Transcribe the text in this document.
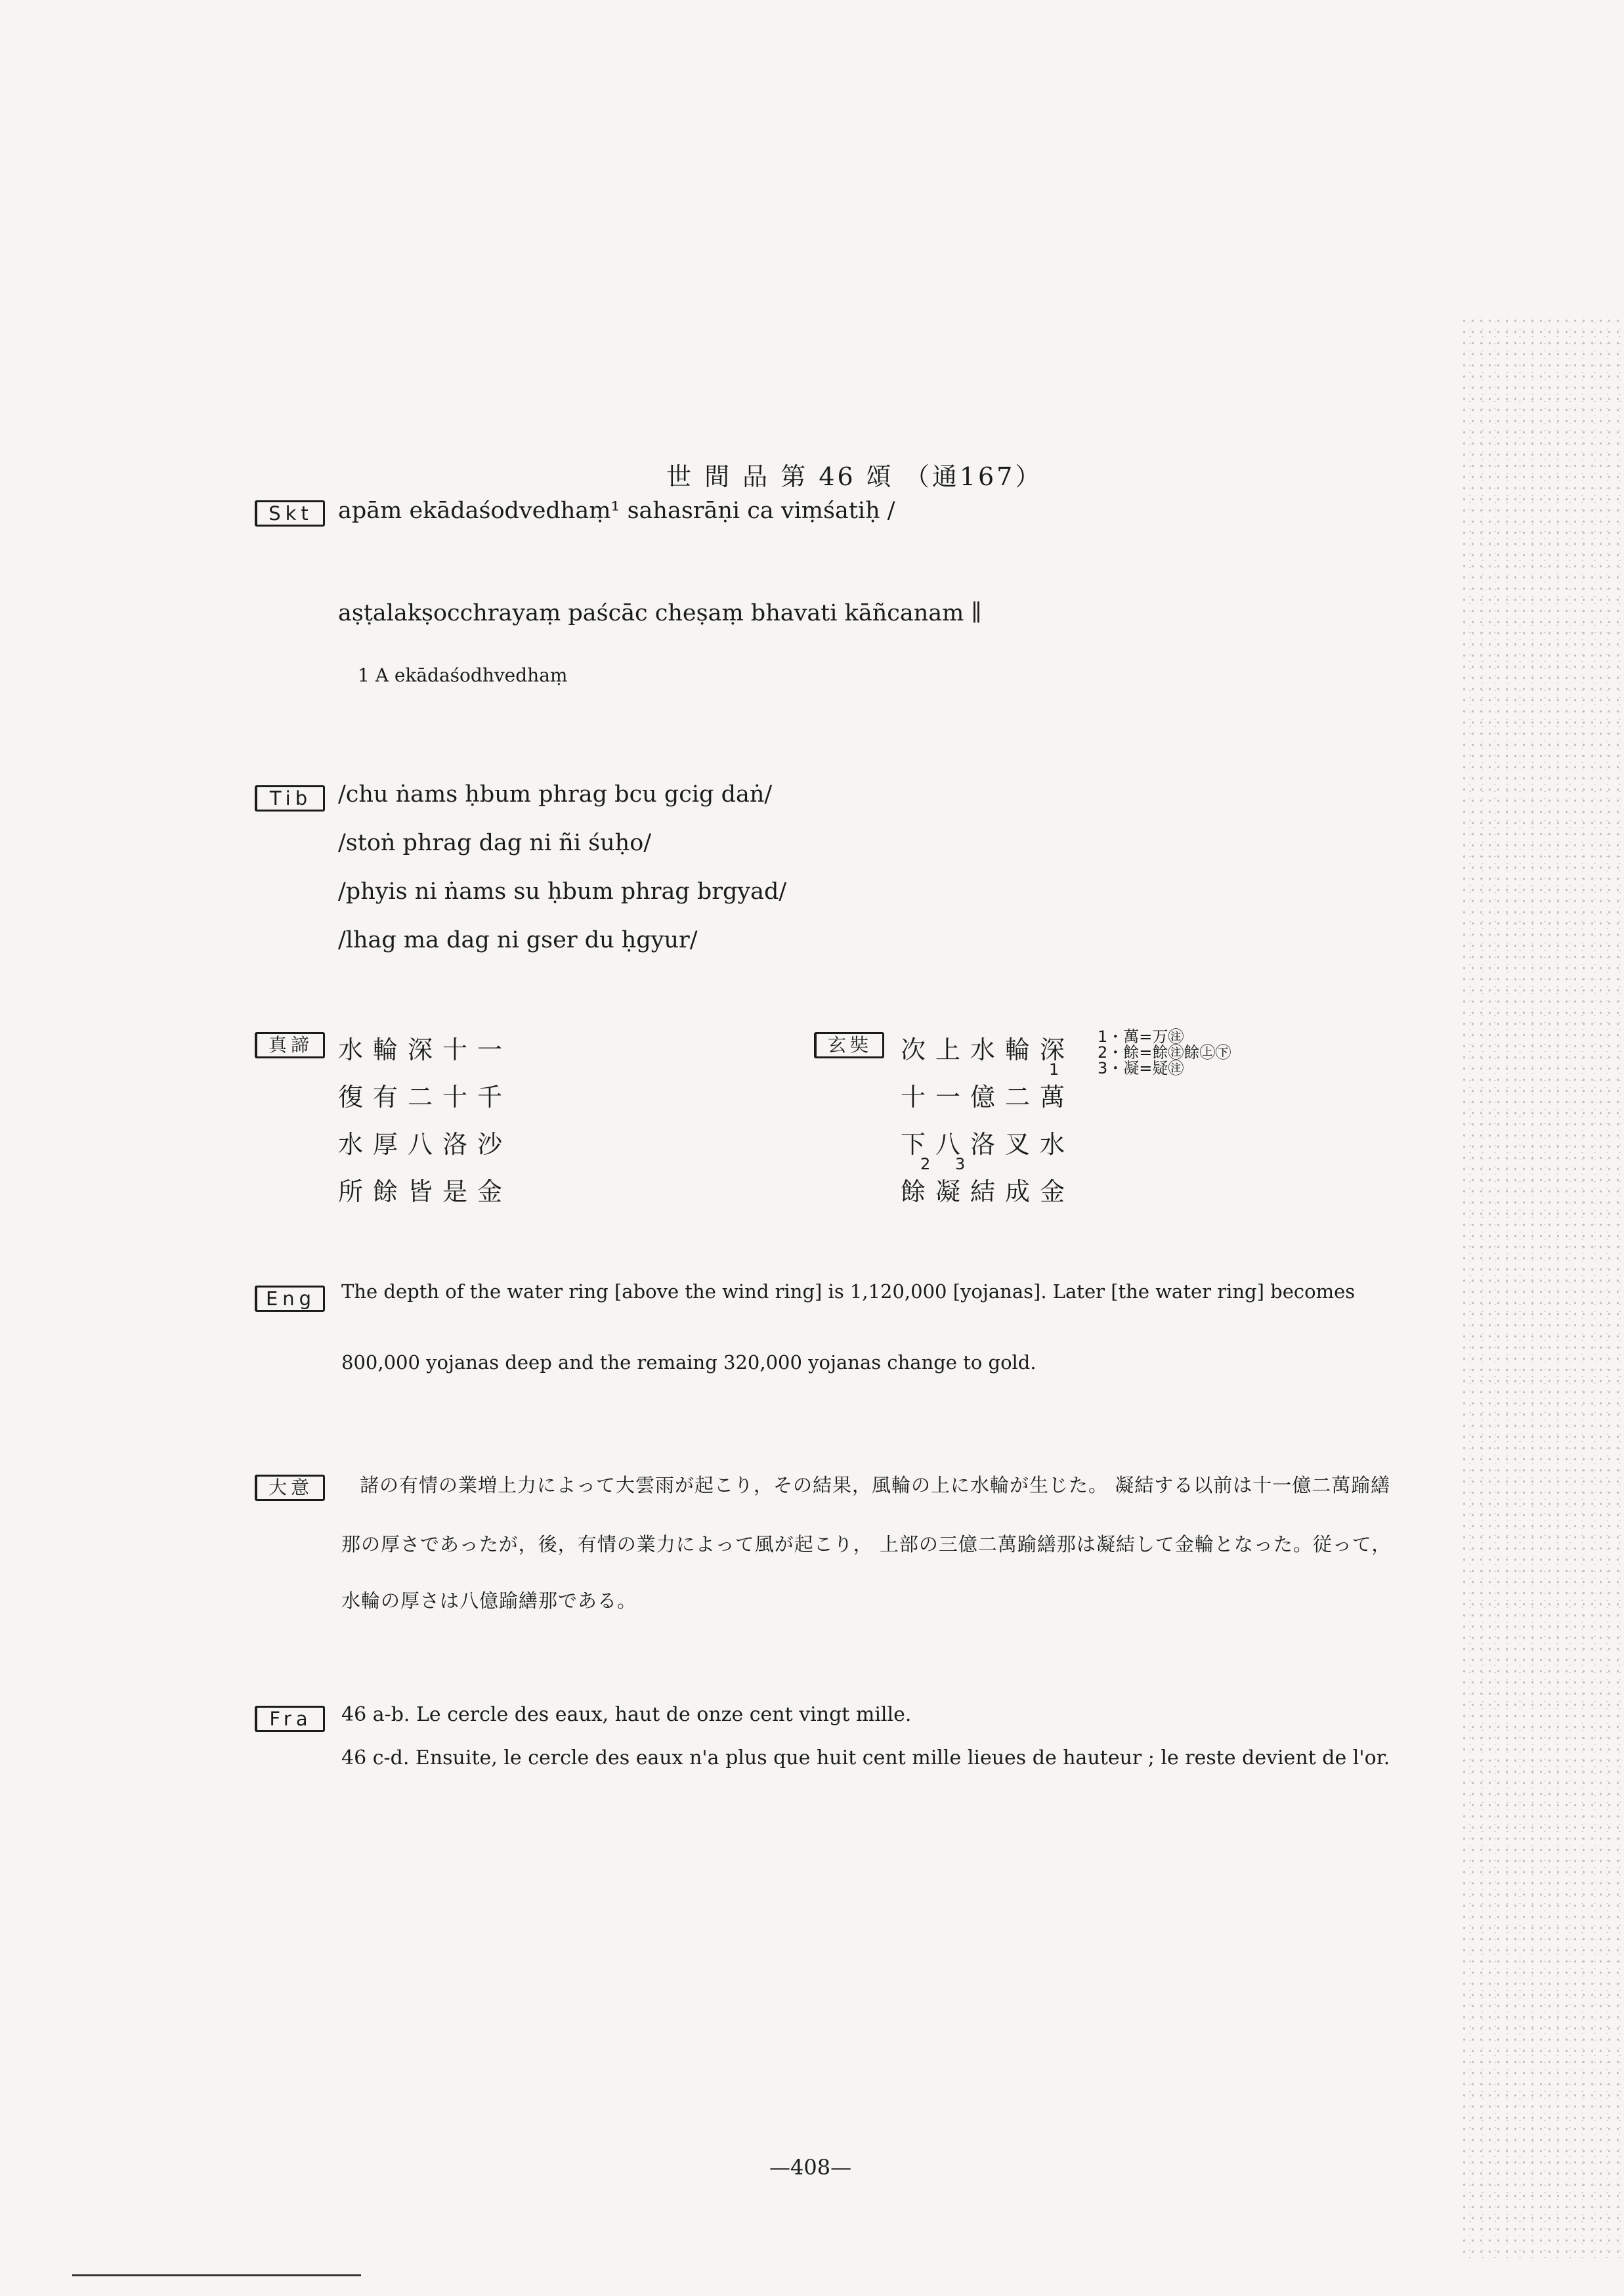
世 間 品 第 46 頌 （通167）
Skt	apām ekādaśodvedhaṃ¹ sahasrāṇi ca viṃśatiḥ /
aṣṭalakṣocchrayaṃ paścāc cheṣaṃ bhavati kāñcanam ∥
1 A ekādaśodhvedhaṃ
Tib	/chu ṅams ḥbum phrag bcu gcig daṅ/
/stoṅ phrag dag ni ñi śuḥo/
/phyis ni ṅams su ḥbum phrag brgyad/
/lhag ma dag ni gser du ḥgyur/
真諦	水輪深十一
復有二十千
水厚八洛沙
所餘皆是金
玄奘	次上水輪深
十一億二萬
下八洛叉水
餘凝結成金
1
2 3
1・萬=万㊟
2・餘=餘㊟餘㊤㊦
3・凝=疑㊟
Eng	The depth of the water ring [above the wind ring] is 1,120,000 [yojanas]. Later [the water ring] becomes
800,000 yojanas deep and the remaing 320,000 yojanas change to gold.
大意	諸の有情の業増上力によって大雲雨が起こり，その結果，風輪の上に水輪が生じた。 凝結する以前は十一億二萬踰繕
那の厚さであったが，後，有情の業力によって風が起こり， 上部の三億二萬踰繕那は凝結して金輪となった。従って，
水輪の厚さは八億踰繕那である。
Fra	46 a-b. Le cercle des eaux, haut de onze cent vingt mille.
46 c-d. Ensuite, le cercle des eaux n'a plus que huit cent mille lieues de hauteur ; le reste devient de l'or.
—408—
